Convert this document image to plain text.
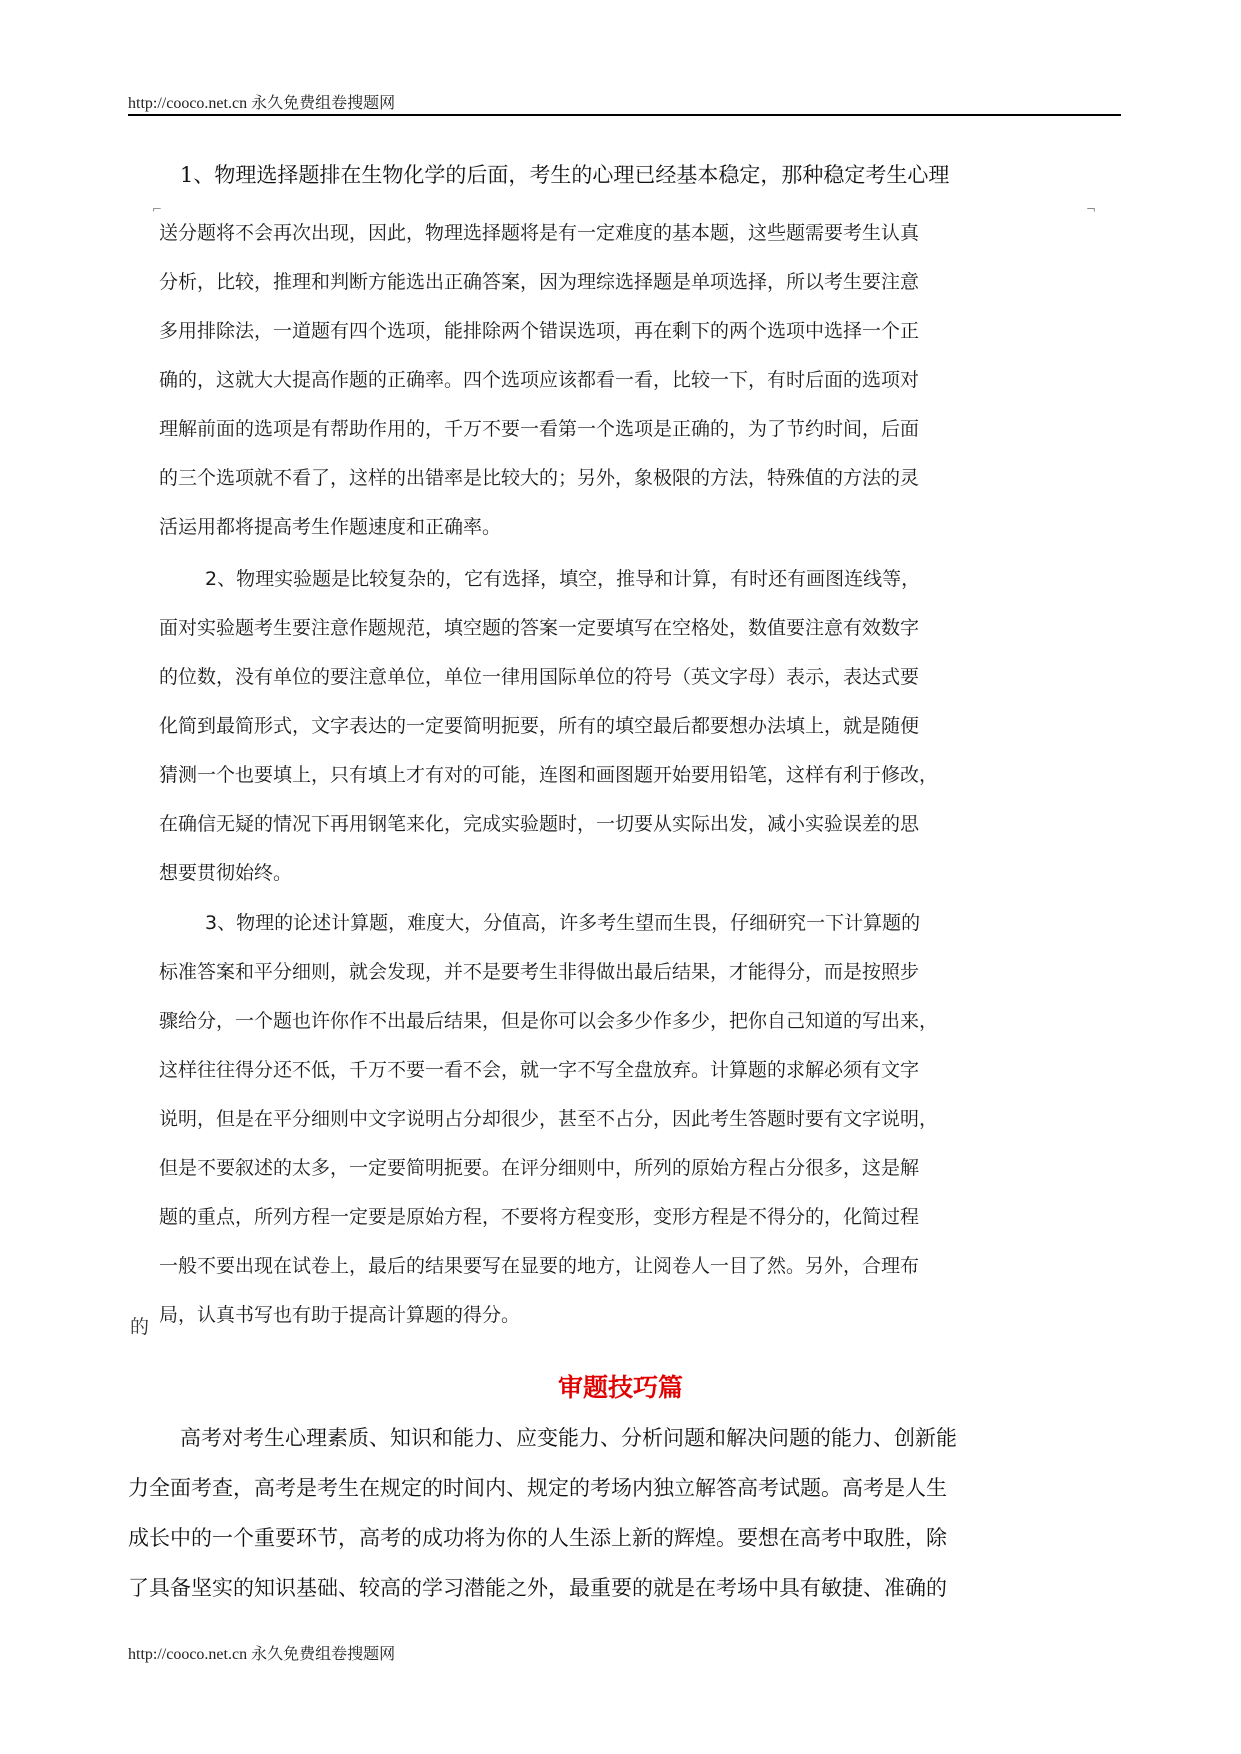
http://cooco.net.cn 永久免费组卷搜题网
1、物理选择题排在生物化学的后面，考生的心理已经基本稳定，那种稳定考生心理
⌐	¬
送分题将不会再次出现，因此，物理选择题将是有一定难度的基本题，这些题需要考生认真
分析，比较，推理和判断方能选出正确答案，因为理综选择题是单项选择，所以考生要注意
多用排除法，一道题有四个选项，能排除两个错误选项，再在剩下的两个选项中选择一个正
确的，这就大大提高作题的正确率。四个选项应该都看一看，比较一下，有时后面的选项对
理解前面的选项是有帮助作用的，千万不要一看第一个选项是正确的，为了节约时间，后面
的三个选项就不看了，这样的出错率是比较大的；另外，象极限的方法，特殊值的方法的灵
活运用都将提高考生作题速度和正确率。
2、物理实验题是比较复杂的，它有选择，填空，推导和计算，有时还有画图连线等，
面对实验题考生要注意作题规范，填空题的答案一定要填写在空格处，数值要注意有效数字
的位数，没有单位的要注意单位，单位一律用国际单位的符号（英文字母）表示，表达式要
化简到最简形式，文字表达的一定要简明扼要，所有的填空最后都要想办法填上，就是随便
猜测一个也要填上，只有填上才有对的可能，连图和画图题开始要用铅笔，这样有利于修改，
在确信无疑的情况下再用钢笔来化，完成实验题时，一切要从实际出发，减小实验误差的思
想要贯彻始终。
3、物理的论述计算题，难度大，分值高，许多考生望而生畏，仔细研究一下计算题的
标准答案和平分细则，就会发现，并不是要考生非得做出最后结果，才能得分，而是按照步
骤给分，一个题也许你作不出最后结果，但是你可以会多少作多少，把你自己知道的写出来，
这样往往得分还不低，千万不要一看不会，就一字不写全盘放弃。计算题的求解必须有文字
说明，但是在平分细则中文字说明占分却很少，甚至不占分，因此考生答题时要有文字说明，
但是不要叙述的太多，一定要简明扼要。在评分细则中，所列的原始方程占分很多，这是解
题的重点，所列方程一定要是原始方程，不要将方程变形，变形方程是不得分的，化简过程
一般不要出现在试卷上，最后的结果要写在显要的地方，让阅卷人一目了然。另外，合理布
局，认真书写也有助于提高计算题的得分。
的
审题技巧篇
高考对考生心理素质、知识和能力、应变能力、分析问题和解决问题的能力、创新能
力全面考查，高考是考生在规定的时间内、规定的考场内独立解答高考试题。高考是人生
成长中的一个重要环节，高考的成功将为你的人生添上新的辉煌。要想在高考中取胜，除
了具备坚实的知识基础、较高的学习潜能之外，最重要的就是在考场中具有敏捷、准确的
http://cooco.net.cn 永久免费组卷搜题网
